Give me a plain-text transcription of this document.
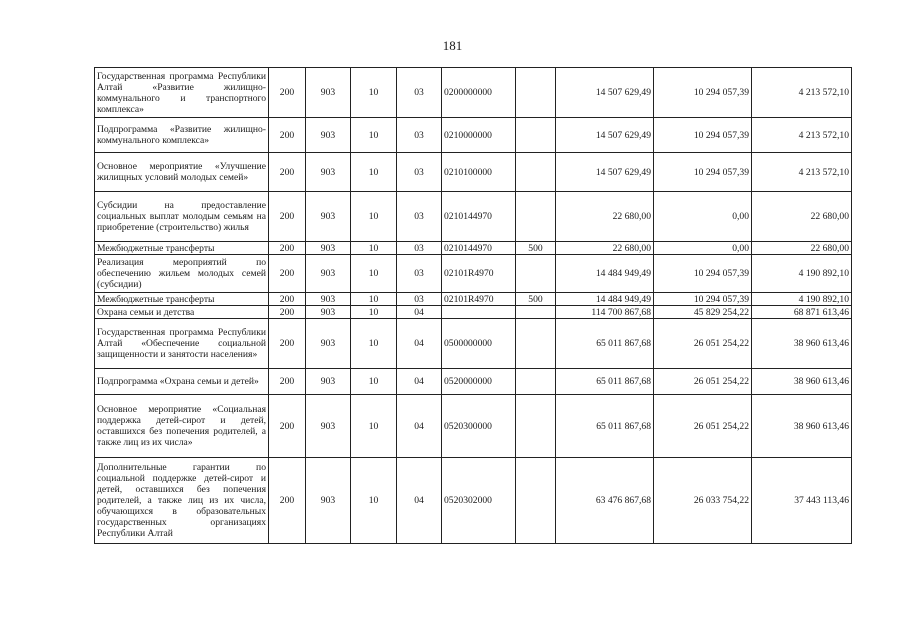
181
Государственная программа Республики Алтай «Развитие жилищно-коммунального и транспортного комплекса»	200	903	10	03	0200000000		14 507 629,49	10 294 057,39	4 213 572,10
Подпрограмма «Развитие жилищно-коммунального комплекса»	200	903	10	03	0210000000		14 507 629,49	10 294 057,39	4 213 572,10
Основное мероприятие «Улучшение жилищных условий молодых семей»	200	903	10	03	0210100000		14 507 629,49	10 294 057,39	4 213 572,10
Субсидии на предоставление социальных выплат молодым семьям на приобретение (строительство) жилья	200	903	10	03	0210144970		22 680,00	0,00	22 680,00
Межбюджетные трансферты	200	903	10	03	0210144970	500	22 680,00	0,00	22 680,00
Реализация мероприятий по обеспечению жильем молодых семей (субсидии)	200	903	10	03	02101R4970		14 484 949,49	10 294 057,39	4 190 892,10
Межбюджетные трансферты	200	903	10	03	02101R4970	500	14 484 949,49	10 294 057,39	4 190 892,10
Охрана семьи и детства	200	903	10	04			114 700 867,68	45 829 254,22	68 871 613,46
Государственная программа Республики Алтай «Обеспечение социальной защищенности и занятости населения»	200	903	10	04	0500000000		65 011 867,68	26 051 254,22	38 960 613,46
Подпрограмма «Охрана семьи и детей»	200	903	10	04	0520000000		65 011 867,68	26 051 254,22	38 960 613,46
Основное мероприятие «Социальная поддержка детей-сирот и детей, оставшихся без попечения родителей, а также лиц из их числа»	200	903	10	04	0520300000		65 011 867,68	26 051 254,22	38 960 613,46
Дополнительные гарантии по социальной поддержке детей-сирот и детей, оставшихся без попечения родителей, а также лиц из их числа, обучающихся в образовательных государственных организациях Республики Алтай	200	903	10	04	0520302000		63 476 867,68	26 033 754,22	37 443 113,46
